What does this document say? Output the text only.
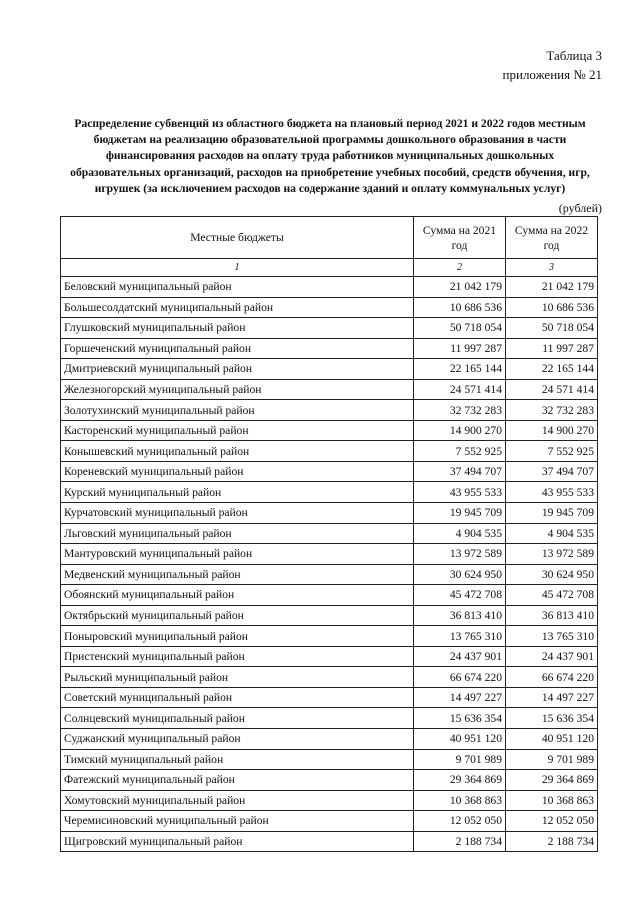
Таблица 3
приложения № 21
Распределение субвенций из областного бюджета на плановый период 2021 и 2022 годов местным бюджетам на реализацию образовательной программы дошкольного образования в части финансирования расходов на оплату труда работников муниципальных дошкольных образовательных организаций, расходов на приобретение учебных пособий, средств обучения, игр, игрушек (за исключением расходов на содержание зданий и оплату коммунальных услуг)
(рублей)
Местные бюджеты	Сумма на 2021 год	Сумма на 2022 год
1	2	3
Беловский муниципальный район	21 042 179	21 042 179
Большесолдатский муниципальный район	10 686 536	10 686 536
Глушковский муниципальный район	50 718 054	50 718 054
Горшеченский муниципальный район	11 997 287	11 997 287
Дмитриевский муниципальный район	22 165 144	22 165 144
Железногорский муниципальный район	24 571 414	24 571 414
Золотухинский муниципальный район	32 732 283	32 732 283
Касторенский муниципальный район	14 900 270	14 900 270
Конышевский муниципальный район	7 552 925	7 552 925
Кореневский муниципальный район	37 494 707	37 494 707
Курский муниципальный район	43 955 533	43 955 533
Курчатовский муниципальный район	19 945 709	19 945 709
Льговский муниципальный район	4 904 535	4 904 535
Мантуровский муниципальный район	13 972 589	13 972 589
Медвенский муниципальный район	30 624 950	30 624 950
Обоянский муниципальный район	45 472 708	45 472 708
Октябрьский муниципальный район	36 813 410	36 813 410
Поныровский муниципальный район	13 765 310	13 765 310
Пристенский муниципальный район	24 437 901	24 437 901
Рыльский муниципальный район	66 674 220	66 674 220
Советский муниципальный район	14 497 227	14 497 227
Солнцевский муниципальный район	15 636 354	15 636 354
Суджанский муниципальный район	40 951 120	40 951 120
Тимский муниципальный район	9 701 989	9 701 989
Фатежский муниципальный район	29 364 869	29 364 869
Хомутовский муниципальный район	10 368 863	10 368 863
Черемисиновский муниципальный район	12 052 050	12 052 050
Щигровский муниципальный район	2 188 734	2 188 734
